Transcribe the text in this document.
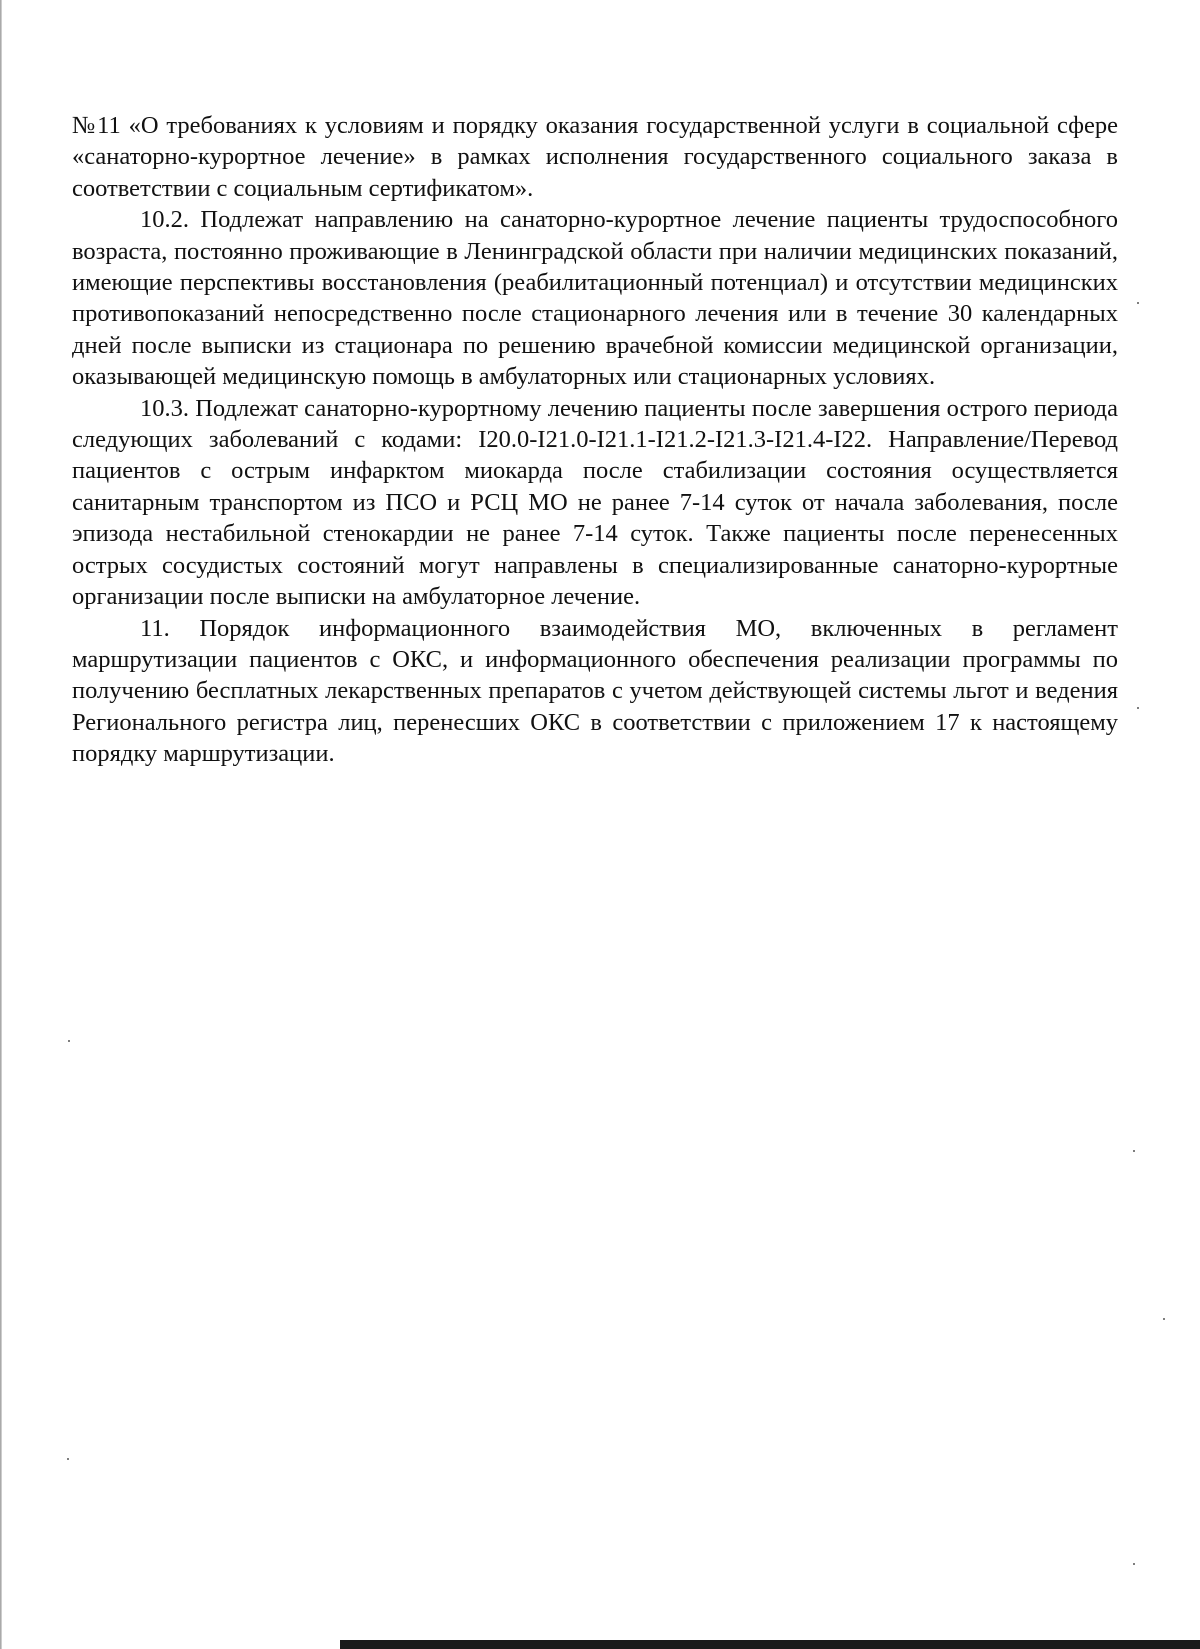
№11 «О требованиях к условиям и порядку оказания государственной услуги в социальной сфере «санаторно-курортное лечение» в рамках исполнения государственного социального заказа в соответствии с социальным сертификатом».

10.2. Подлежат направлению на санаторно-курортное лечение пациенты трудоспособного возраста, постоянно проживающие в Ленинградской области при наличии медицинских показаний, имеющие перспективы восстановления (реабилитационный потенциал) и отсутствии медицинских противопоказаний непосредственно после стационарного лечения или в течение 30 календарных дней после выписки из стационара по решению врачебной комиссии медицинской организации, оказывающей медицинскую помощь в амбулаторных или стационарных условиях.

10.3. Подлежат санаторно-курортному лечению пациенты после завершения острого периода следующих заболеваний с кодами: I20.0-I21.0-I21.1-I21.2-I21.3-I21.4-I22. Направление/Перевод пациентов с острым инфарктом миокарда после стабилизации состояния осуществляется санитарным транспортом из ПСО и РСЦ МО не ранее 7-14 суток от начала заболевания, после эпизода нестабильной стенокардии не ранее 7-14 суток. Также пациенты после перенесенных острых сосудистых состояний могут направлены в специализированные санаторно-курортные организации после выписки на амбулаторное лечение.

11. Порядок информационного взаимодействия МО, включенных в регламент маршрутизации пациентов с ОКС, и информационного обеспечения реализации программы по получению бесплатных лекарственных препаратов с учетом действующей системы льгот и ведения Регионального регистра лиц, перенесших ОКС в соответствии с приложением 17 к настоящему порядку маршрутизации.
